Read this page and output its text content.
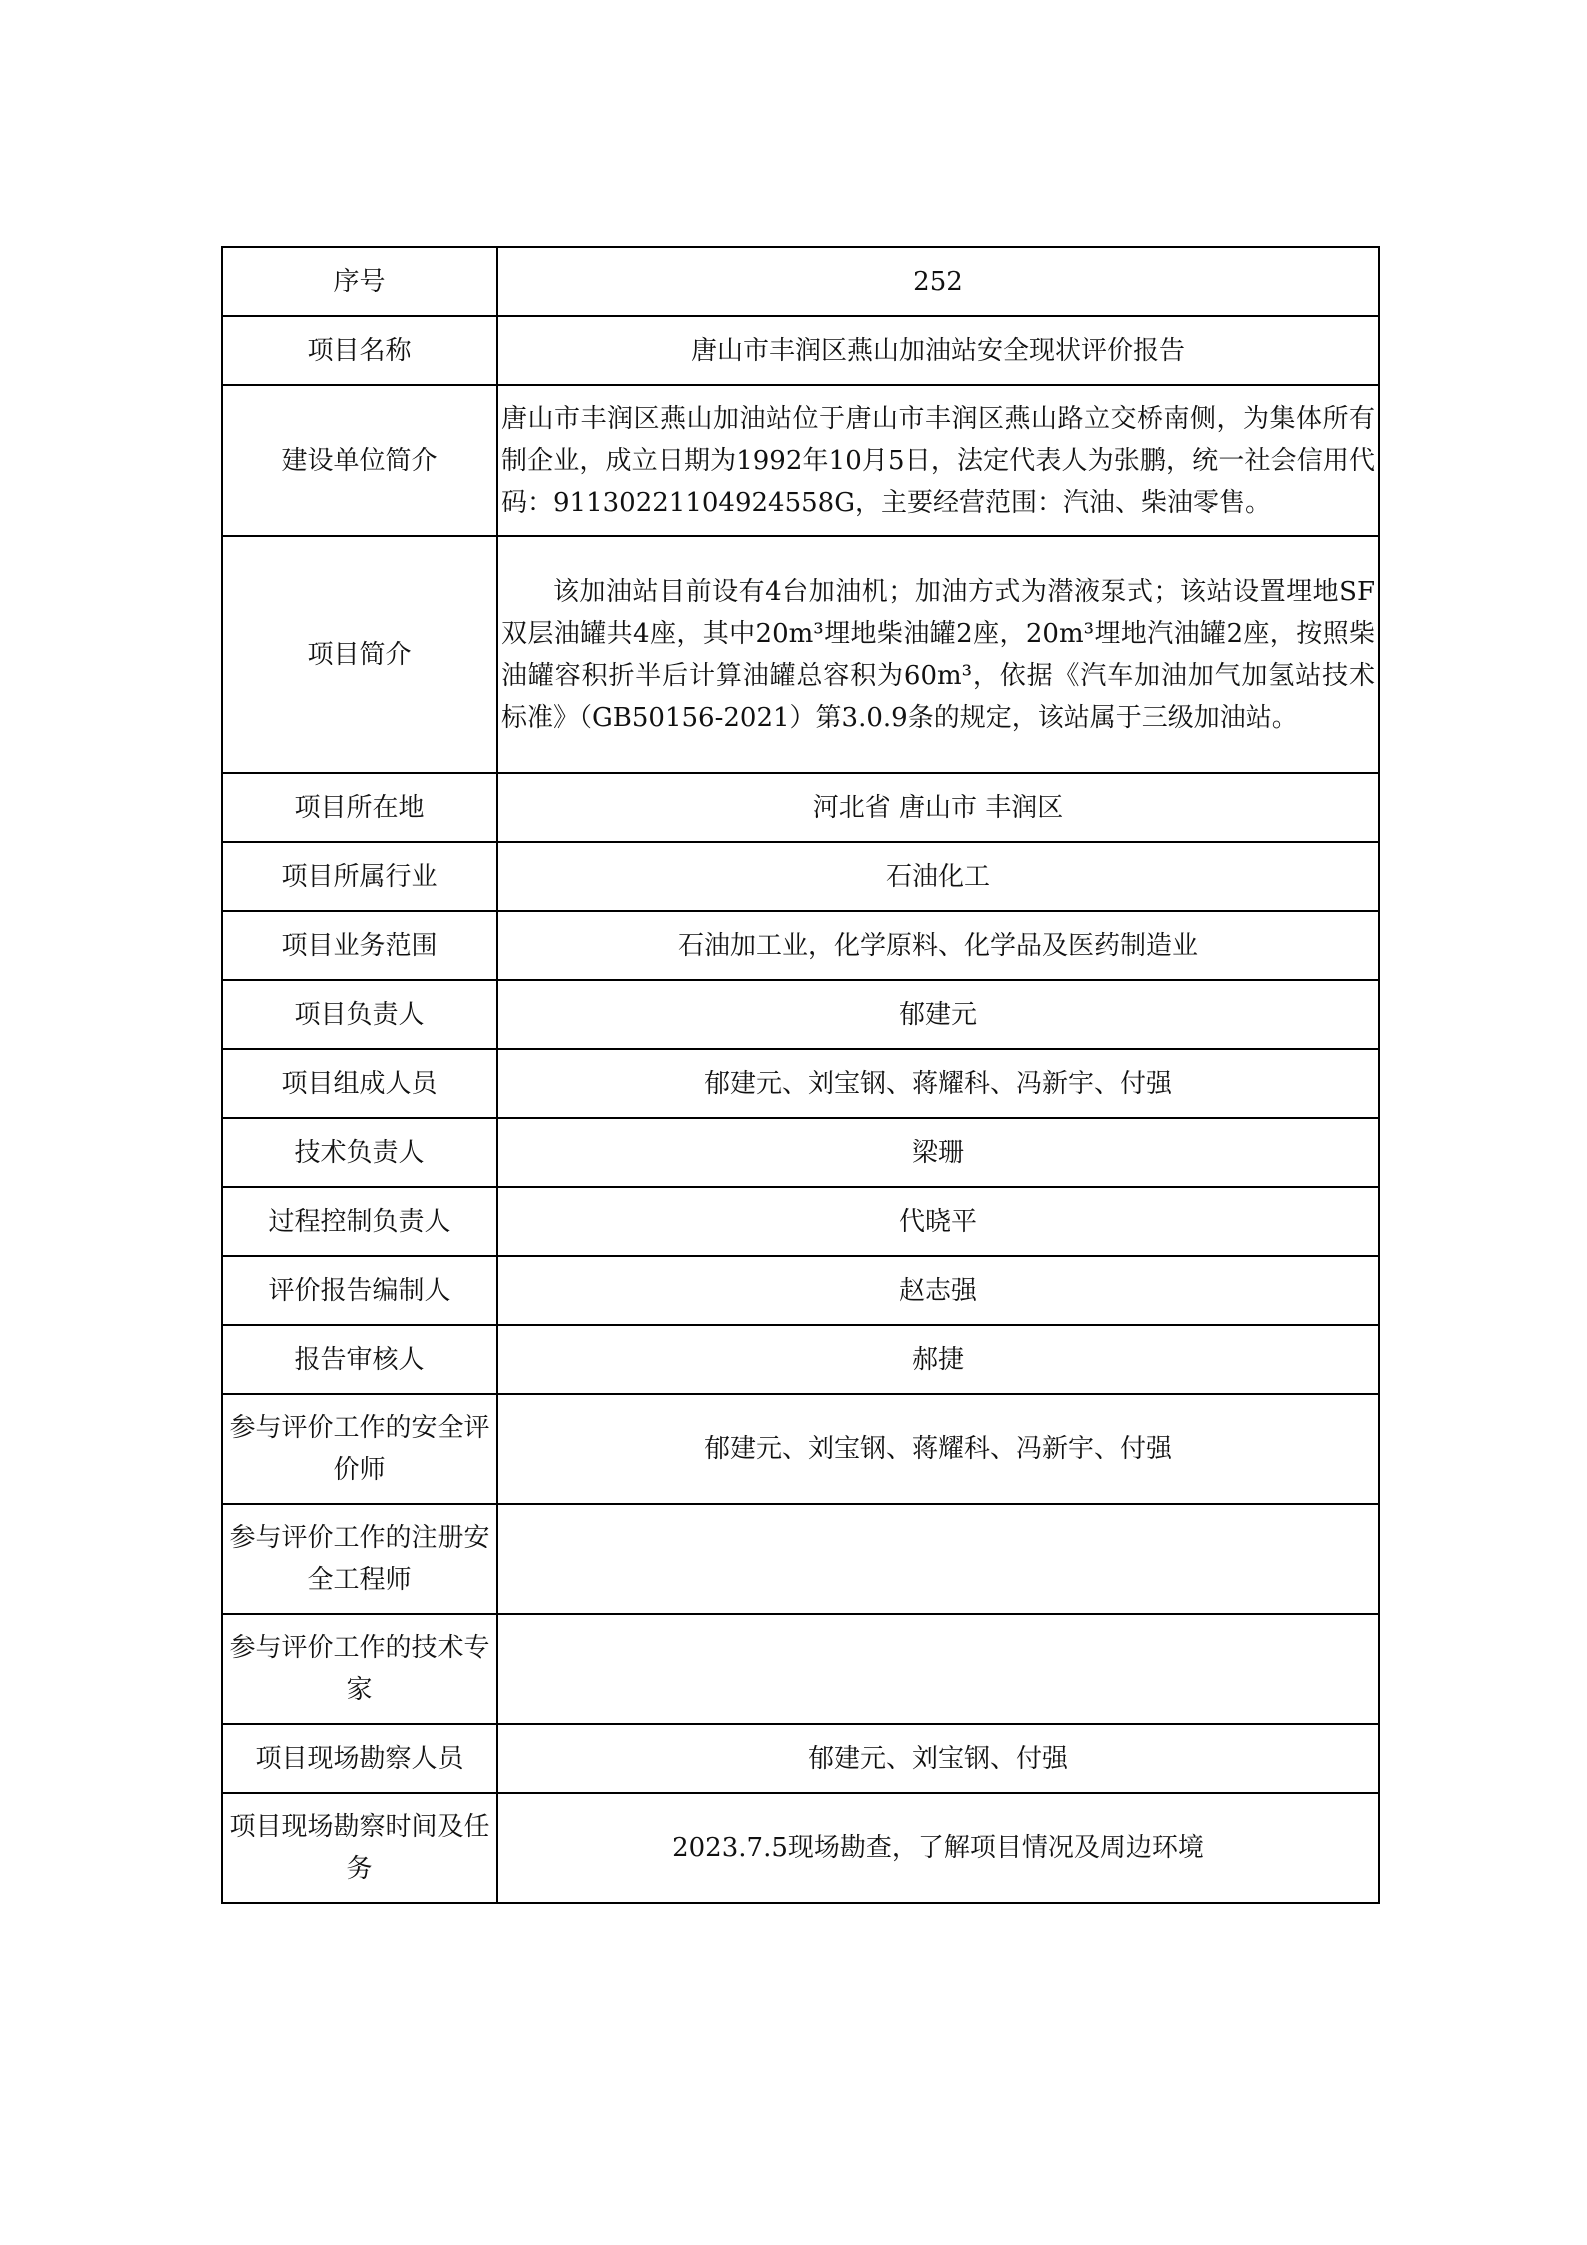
序号	252
项目名称	唐山市丰润区燕山加油站安全现状评价报告
建设单位简介	唐山市丰润区燕山加油站位于唐山市丰润区燕山路立交桥南侧，为集体所有制企业，成立日期为1992年10月5日，法定代表人为张鹏，统一社会信用代码：91130221104924558G，主要经营范围：汽油、柴油零售。
项目简介	该加油站目前设有4台加油机；加油方式为潜液泵式；该站设置埋地SF双层油罐共4座，其中20m³埋地柴油罐2座，20m³埋地汽油罐2座，按照柴油罐容积折半后计算油罐总容积为60m³，依据《汽车加油加气加氢站技术标准》（GB50156-2021）第3.0.9条的规定，该站属于三级加油站。

项目所在地	河北省 唐山市 丰润区
项目所属行业	石油化工
项目业务范围	石油加工业，化学原料、化学品及医药制造业
项目负责人	郁建元
项目组成人员	郁建元、刘宝钢、蒋耀科、冯新宇、付强
技术负责人	梁珊
过程控制负责人	代晓平
评价报告编制人	赵志强
报告审核人	郝捷
参与评价工作的安全评价师	郁建元、刘宝钢、蒋耀科、冯新宇、付强
参与评价工作的注册安全工程师	
参与评价工作的技术专家	
项目现场勘察人员	郁建元、刘宝钢、付强
项目现场勘察时间及任务	2023.7.5现场勘查，了解项目情况及周边环境
